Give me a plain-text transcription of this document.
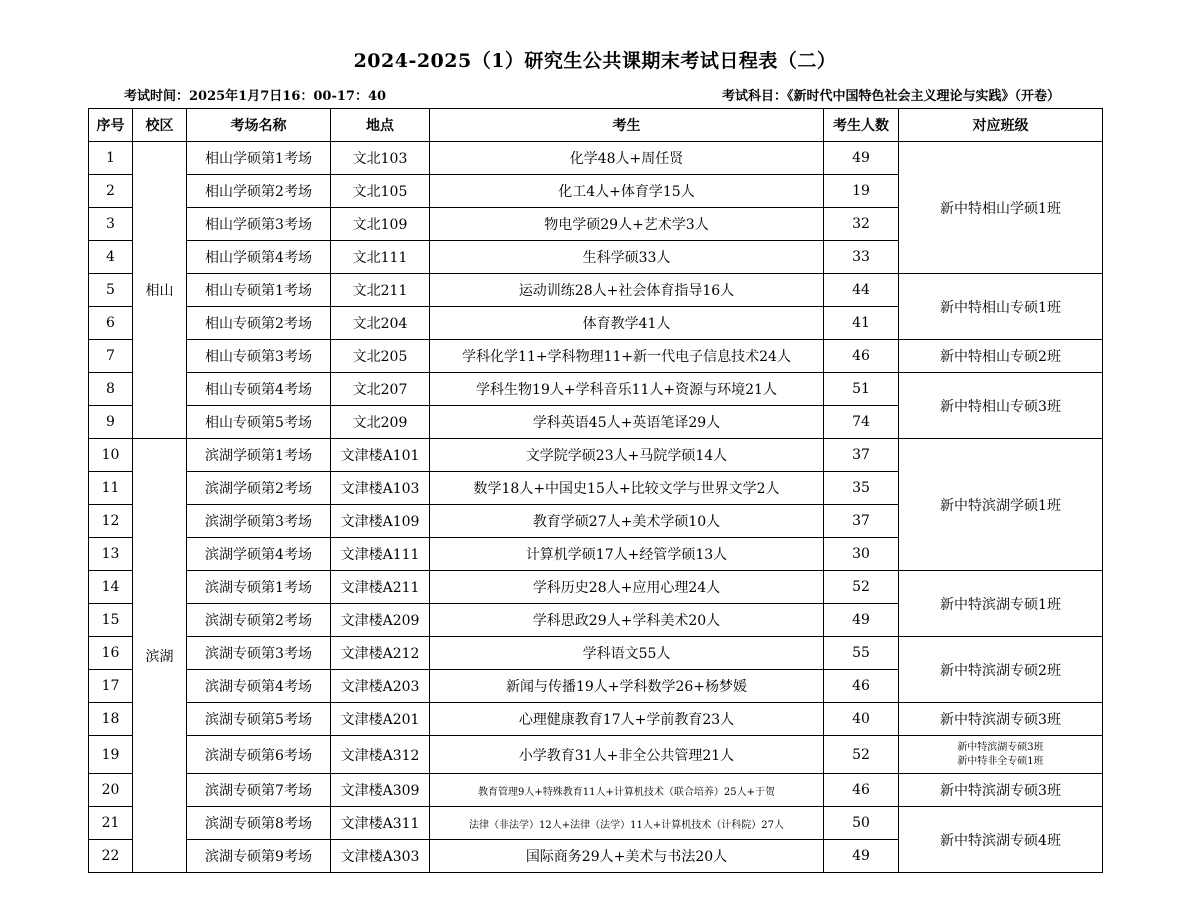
2024-2025（1）研究生公共课期末考试日程表（二）
考试时间：2025年1月7日16：00-17：40	考试科目：《新时代中国特色社会主义理论与实践》（开卷）
序号	校区	考场名称	地点	考生	考生人数	对应班级
1	相山	相山学硕第1考场	文北103	化学48人+周任贤	49	新中特相山学硕1班
2		相山学硕第2考场	文北105	化工4人+体育学15人	19	
3		相山学硕第3考场	文北109	物电学硕29人+艺术学3人	32	
4		相山学硕第4考场	文北111	生科学硕33人	33	
5		相山专硕第1考场	文北211	运动训练28人+社会体育指导16人	44	新中特相山专硕1班
6		相山专硕第2考场	文北204	体育教学41人	41	
7		相山专硕第3考场	文北205	学科化学11+学科物理11+新一代电子信息技术24人	46	新中特相山专硕2班
8		相山专硕第4考场	文北207	学科生物19人+学科音乐11人+资源与环境21人	51	新中特相山专硕3班
9		相山专硕第5考场	文北209	学科英语45人+英语笔译29人	74	
10	滨湖	滨湖学硕第1考场	文津楼A101	文学院学硕23人+马院学硕14人	37	新中特滨湖学硕1班
11		滨湖学硕第2考场	文津楼A103	数学18人+中国史15人+比较文学与世界文学2人	35	
12		滨湖学硕第3考场	文津楼A109	教育学硕27人+美术学硕10人	37	
13		滨湖学硕第4考场	文津楼A111	计算机学硕17人+经管学硕13人	30	
14		滨湖专硕第1考场	文津楼A211	学科历史28人+应用心理24人	52	新中特滨湖专硕1班
15		滨湖专硕第2考场	文津楼A209	学科思政29人+学科美术20人	49	
16		滨湖专硕第3考场	文津楼A212	学科语文55人	55	新中特滨湖专硕2班
17		滨湖专硕第4考场	文津楼A203	新闻与传播19人+学科数学26+杨梦媛	46	
18		滨湖专硕第5考场	文津楼A201	心理健康教育17人+学前教育23人	40	新中特滨湖专硕3班
19		滨湖专硕第6考场	文津楼A312	小学教育31人+非全公共管理21人	52	新中特滨湖专硕3班
新中特非全专硕1班

20		滨湖专硕第7考场	文津楼A309	教育管理9人+特殊教育11人+计算机技术（联合培养）25人+于贺	46	新中特滨湖专硕3班
21		滨湖专硕第8考场	文津楼A311	法律（非法学）12人+法律（法学）11人+计算机技术（计科院）27人	50	新中特滨湖专硕4班
22		滨湖专硕第9考场	文津楼A303	国际商务29人+美术与书法20人	49	
